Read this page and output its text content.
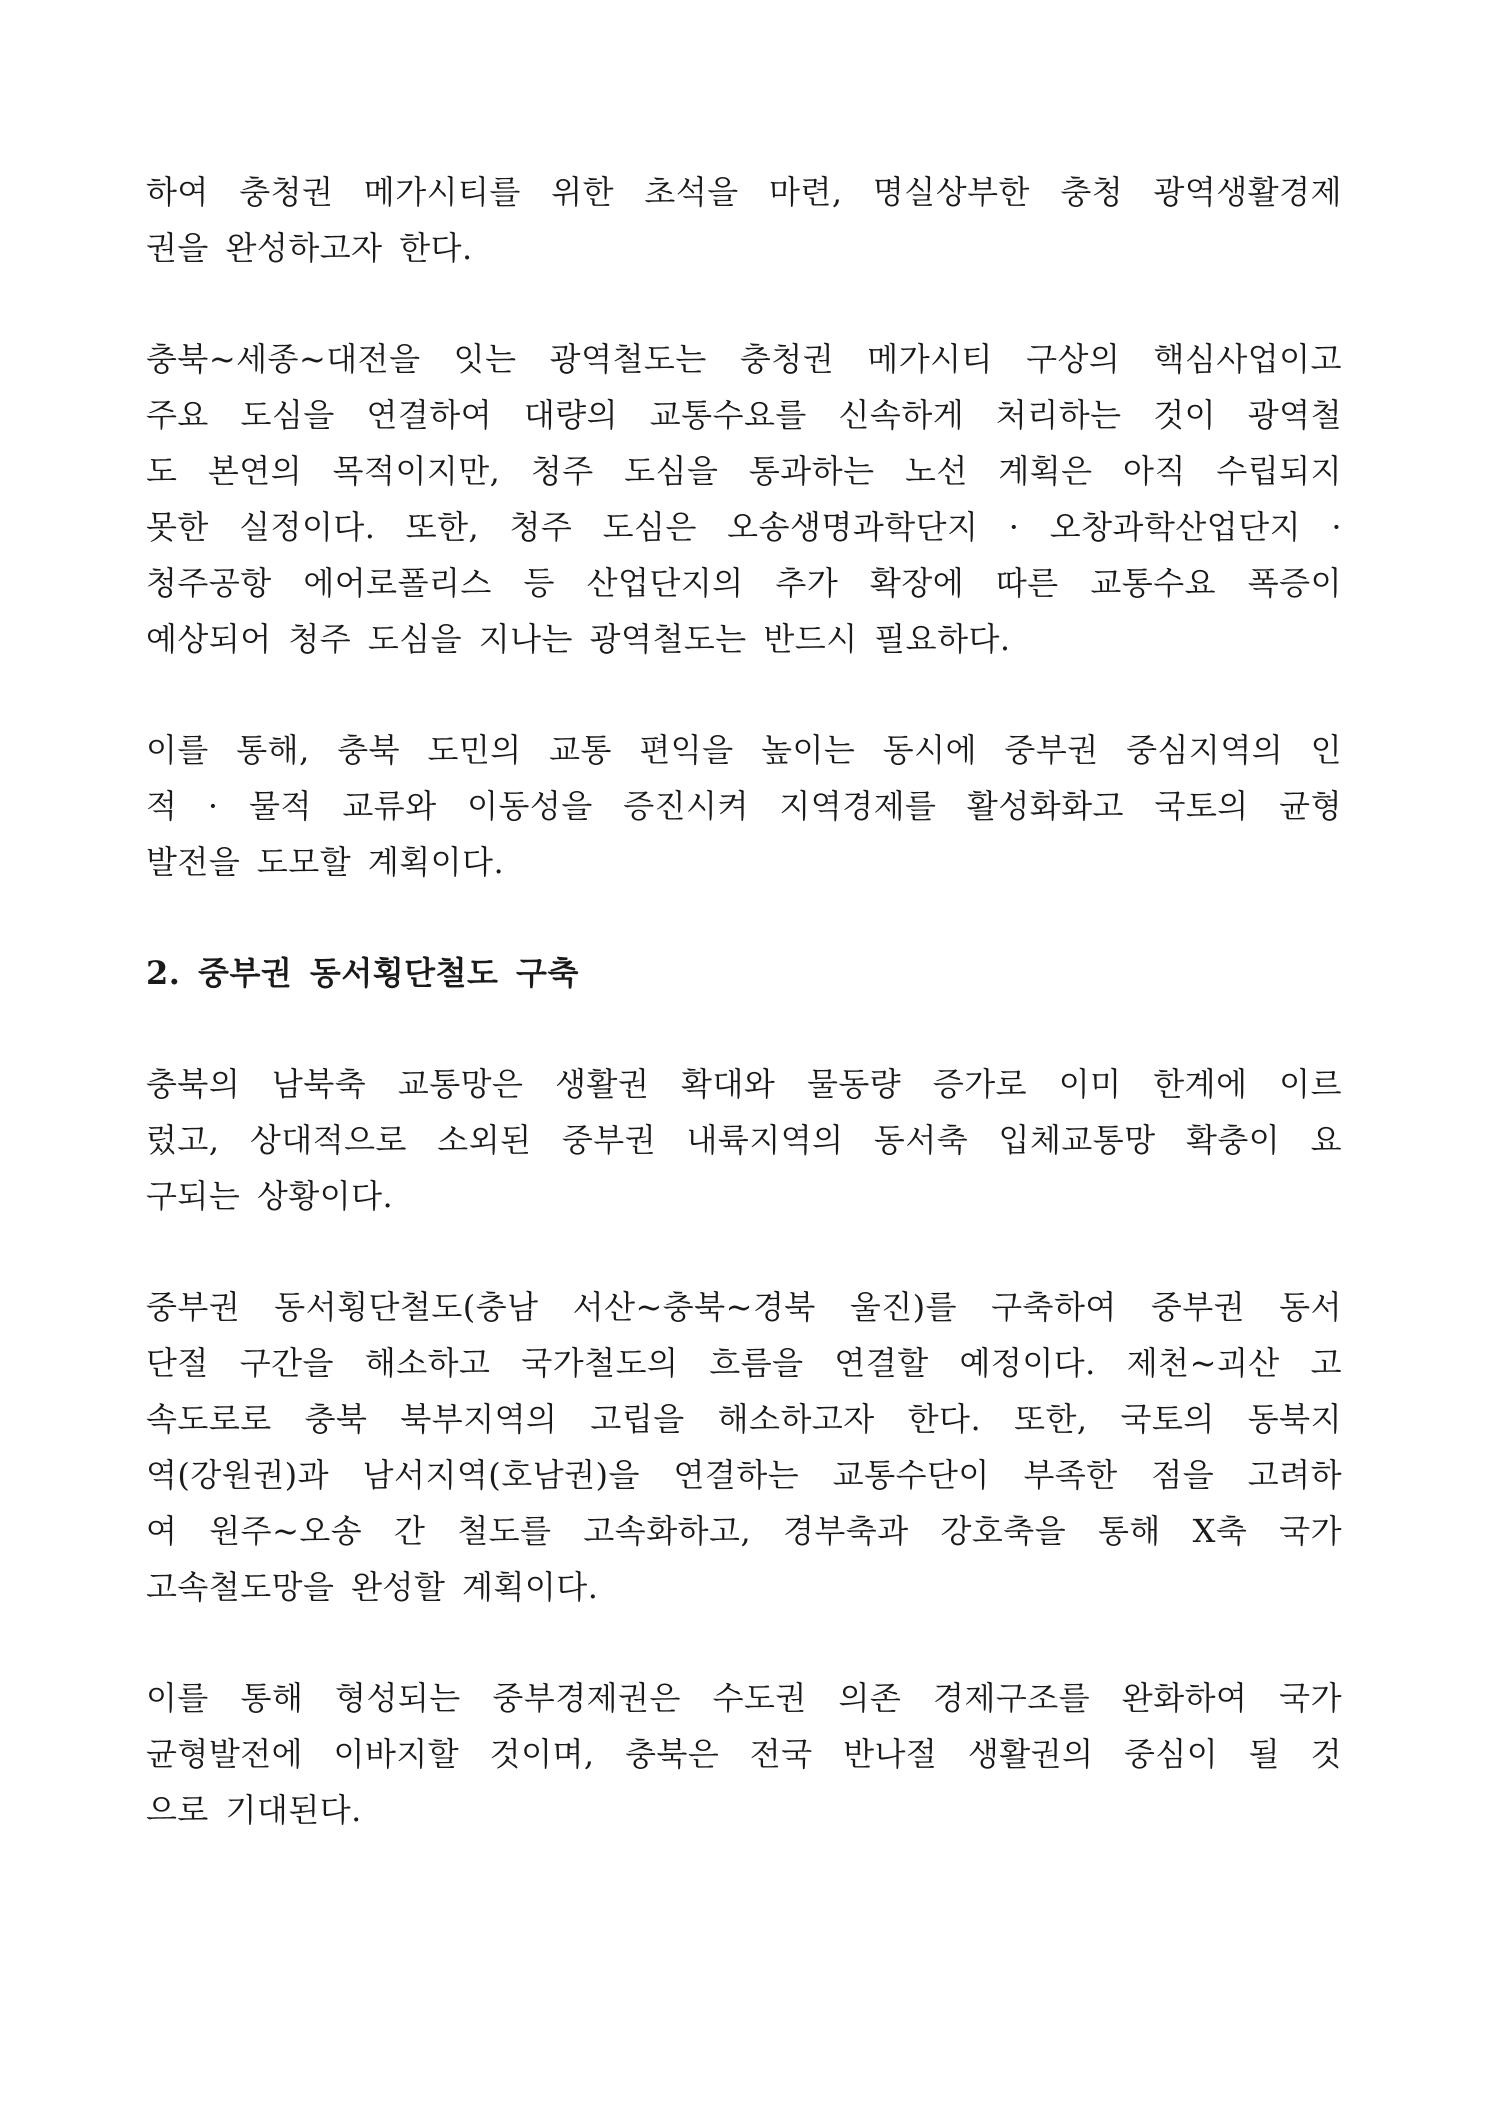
하여 충청권 메가시티를 위한 초석을 마련, 명실상부한 충청 광역생활경제
권을 완성하고자 한다.

충북~세종~대전을 잇는 광역철도는 충청권 메가시티 구상의 핵심사업이고
주요 도심을 연결하여 대량의 교통수요를 신속하게 처리하는 것이 광역철
도 본연의 목적이지만, 청주 도심을 통과하는 노선 계획은 아직 수립되지
못한 실정이다. 또한, 청주 도심은 오송생명과학단지 · 오창과학산업단지 ·
청주공항 에어로폴리스 등 산업단지의 추가 확장에 따른 교통수요 폭증이
예상되어 청주 도심을 지나는 광역철도는 반드시 필요하다.

이를 통해, 충북 도민의 교통 편익을 높이는 동시에 중부권 중심지역의 인
적 · 물적 교류와 이동성을 증진시켜 지역경제를 활성화화고 국토의 균형
발전을 도모할 계획이다.

2. 중부권 동서횡단철도 구축

충북의 남북축 교통망은 생활권 확대와 물동량 증가로 이미 한계에 이르
렀고, 상대적으로 소외된 중부권 내륙지역의 동서축 입체교통망 확충이 요
구되는 상황이다.

중부권 동서횡단철도(충남 서산~충북~경북 울진)를 구축하여 중부권 동서
단절 구간을 해소하고 국가철도의 흐름을 연결할 예정이다. 제천~괴산 고
속도로로 충북 북부지역의 고립을 해소하고자 한다. 또한, 국토의 동북지
역(강원권)과 남서지역(호남권)을 연결하는 교통수단이 부족한 점을 고려하
여 원주~오송 간 철도를 고속화하고, 경부축과 강호축을 통해 X축 국가
고속철도망을 완성할 계획이다.

이를 통해 형성되는 중부경제권은 수도권 의존 경제구조를 완화하여 국가
균형발전에 이바지할 것이며, 충북은 전국 반나절 생활권의 중심이 될 것
으로 기대된다.
